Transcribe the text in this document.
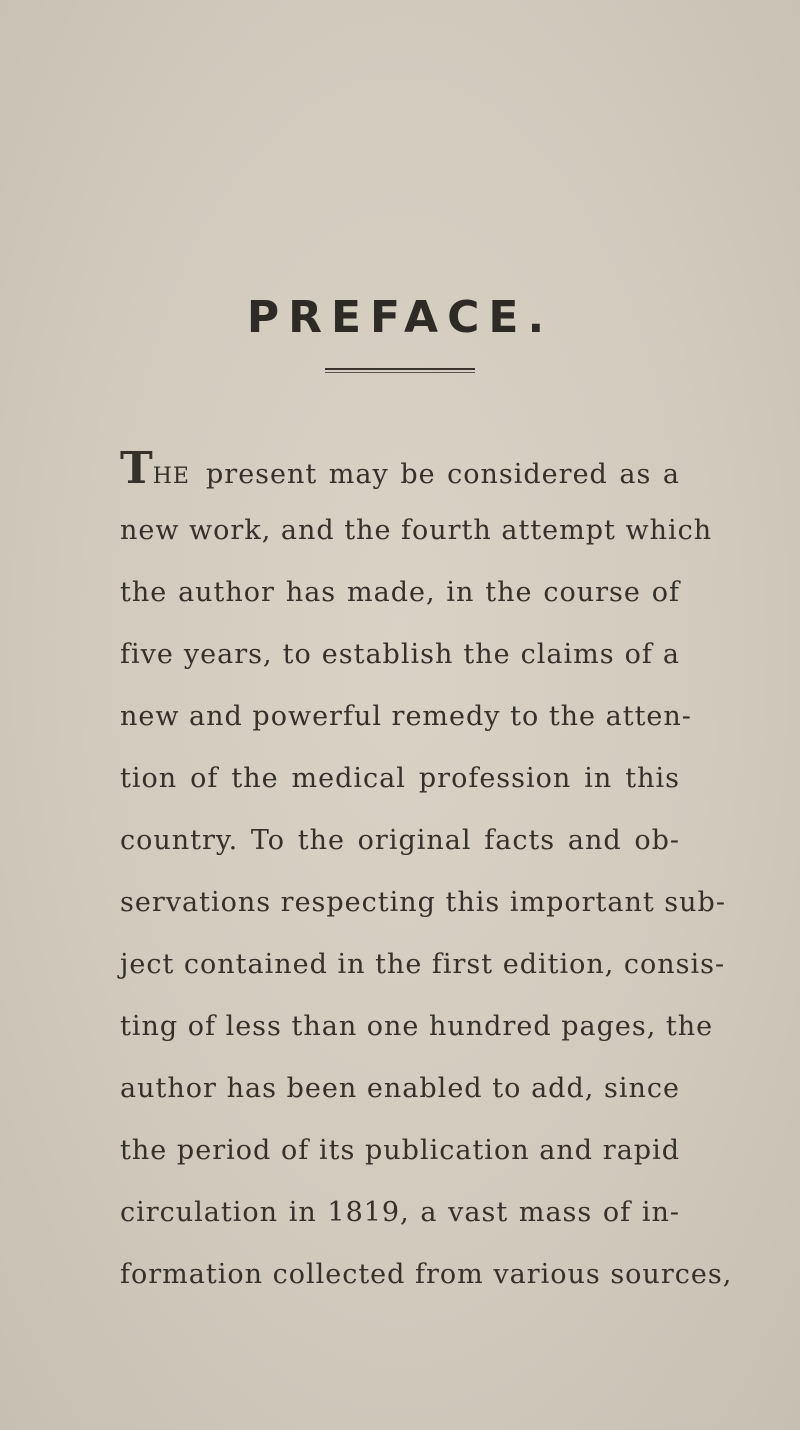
PREFACE.
T HE present may be considered as a
new work, and the fourth attempt which
the author has made, in the course of
five years, to establish the claims of a
new and powerful remedy to the atten-
tion of the medical profession in this
country. To the original facts and ob-
servations respecting this important sub-
ject contained in the first edition, consis-
ting of less than one hundred pages, the
author has been enabled to add, since
the period of its publication and rapid
circulation in 1819, a vast mass of in-
formation collected from various sources,
